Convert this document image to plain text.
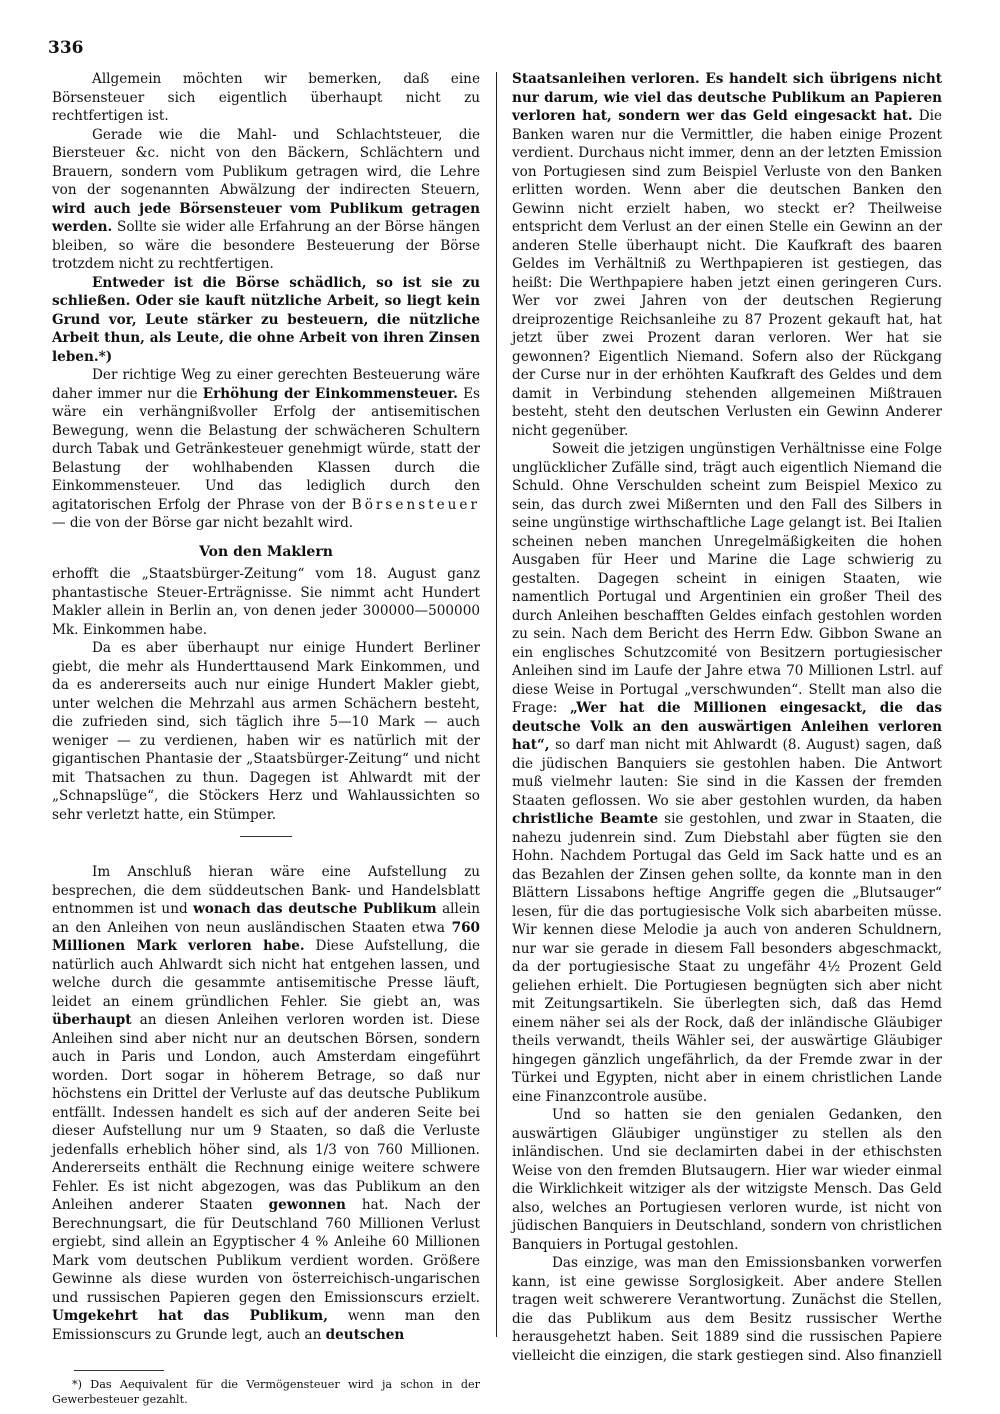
336

Allgemein möchten wir bemerken, daß eine Börsensteuer sich eigentlich überhaupt nicht zu rechtfertigen ist.

Gerade wie die Mahl- und Schlachtsteuer, die Biersteuer &c. nicht von den Bäckern, Schlächtern und Brauern, sondern vom Publikum getragen wird, die Lehre von der sogenannten Abwälzung der indirecten Steuern, wird auch jede Börsensteuer vom Publikum getragen werden. Sollte sie wider alle Erfahrung an der Börse hängen bleiben, so wäre die besondere Besteuerung der Börse trotzdem nicht zu rechtfertigen.

Entweder ist die Börse schädlich, so ist sie zu schließen. Oder sie kauft nützliche Arbeit, so liegt kein Grund vor, Leute stärker zu besteuern, die nützliche Arbeit thun, als Leute, die ohne Arbeit von ihren Zinsen leben.*)

Der richtige Weg zu einer gerechten Besteuerung wäre daher immer nur die Erhöhung der Einkommensteuer. Es wäre ein verhängnißvoller Erfolg der antisemitischen Bewegung, wenn die Belastung der schwächeren Schultern durch Tabak und Getränkesteuer genehmigt würde, statt der Belastung der wohlhabenden Klassen durch die Einkommensteuer. Und das lediglich durch den agitatorischen Erfolg der Phrase von der Börsensteuer — die von der Börse gar nicht bezahlt wird.

Von den Maklern

erhofft die „Staatsbürger-Zeitung“ vom 18. August ganz phantastische Steuer-Erträgnisse. Sie nimmt acht Hundert Makler allein in Berlin an, von denen jeder 300000—500000 Mk. Einkommen habe.

Da es aber überhaupt nur einige Hundert Berliner giebt, die mehr als Hunderttausend Mark Einkommen, und da es andererseits auch nur einige Hundert Makler giebt, unter welchen die Mehrzahl aus armen Schächern besteht, die zufrieden sind, sich täglich ihre 5—10 Mark — auch weniger — zu verdienen, haben wir es natürlich mit der gigantischen Phantasie der „Staatsbürger-Zeitung“ und nicht mit Thatsachen zu thun. Dagegen ist Ahlwardt mit der „Schnapslüge“, die Stöckers Herz und Wahlaussichten so sehr verletzt hatte, ein Stümper.

Im Anschluß hieran wäre eine Aufstellung zu besprechen, die dem süddeutschen Bank- und Handelsblatt entnommen ist und wonach das deutsche Publikum allein an den Anleihen von neun ausländischen Staaten etwa 760 Millionen Mark verloren habe. Diese Aufstellung, die natürlich auch Ahlwardt sich nicht hat entgehen lassen, und welche durch die gesammte antisemitische Presse läuft, leidet an einem gründlichen Fehler. Sie giebt an, was überhaupt an diesen Anleihen verloren worden ist. Diese Anleihen sind aber nicht nur an deutschen Börsen, sondern auch in Paris und London, auch Amsterdam eingeführt worden. Dort sogar in höherem Betrage, so daß nur höchstens ein Drittel der Verluste auf das deutsche Publikum entfällt. Indessen handelt es sich auf der anderen Seite bei dieser Aufstellung nur um 9 Staaten, so daß die Verluste jedenfalls erheblich höher sind, als 1/3 von 760 Millionen. Andererseits enthält die Rechnung einige weitere schwere Fehler. Es ist nicht abgezogen, was das Publikum an den Anleihen anderer Staaten gewonnen hat. Nach der Berechnungsart, die für Deutschland 760 Millionen Verlust ergiebt, sind allein an Egyptischer 4 % Anleihe 60 Millionen Mark vom deutschen Publikum verdient worden. Größere Gewinne als diese wurden von österreichisch-ungarischen und russischen Papieren gegen den Emissionscurs erzielt. Umgekehrt hat das Publikum, wenn man den Emissionscurs zu Grunde legt, auch an deutschen

*) Das Aequivalent für die Vermögensteuer wird ja schon in der Gewerbesteuer gezahlt.

Staatsanleihen verloren. Es handelt sich übrigens nicht nur darum, wie viel das deutsche Publikum an Papieren verloren hat, sondern wer das Geld eingesackt hat. Die Banken waren nur die Vermittler, die haben einige Prozent verdient. Durchaus nicht immer, denn an der letzten Emission von Portugiesen sind zum Beispiel Verluste von den Banken erlitten worden. Wenn aber die deutschen Banken den Gewinn nicht erzielt haben, wo steckt er? Theilweise entspricht dem Verlust an der einen Stelle ein Gewinn an der anderen Stelle überhaupt nicht. Die Kaufkraft des baaren Geldes im Verhältniß zu Werthpapieren ist gestiegen, das heißt: Die Werthpapiere haben jetzt einen geringeren Curs. Wer vor zwei Jahren von der deutschen Regierung dreiprozentige Reichsanleihe zu 87 Prozent gekauft hat, hat jetzt über zwei Prozent daran verloren. Wer hat sie gewonnen? Eigentlich Niemand. Sofern also der Rückgang der Curse nur in der erhöhten Kaufkraft des Geldes und dem damit in Verbindung stehenden allgemeinen Mißtrauen besteht, steht den deutschen Verlusten ein Gewinn Anderer nicht gegenüber.

Soweit die jetzigen ungünstigen Verhältnisse eine Folge unglücklicher Zufälle sind, trägt auch eigentlich Niemand die Schuld. Ohne Verschulden scheint zum Beispiel Mexico zu sein, das durch zwei Mißernten und den Fall des Silbers in seine ungünstige wirthschaftliche Lage gelangt ist. Bei Italien scheinen neben manchen Unregelmäßigkeiten die hohen Ausgaben für Heer und Marine die Lage schwierig zu gestalten. Dagegen scheint in einigen Staaten, wie namentlich Portugal und Argentinien ein großer Theil des durch Anleihen beschafften Geldes einfach gestohlen worden zu sein. Nach dem Bericht des Herrn Edw. Gibbon Swane an ein englisches Schutzcomité von Besitzern portugiesischer Anleihen sind im Laufe der Jahre etwa 70 Millionen Lstrl. auf diese Weise in Portugal „verschwunden“. Stellt man also die Frage: „Wer hat die Millionen eingesackt, die das deutsche Volk an den auswärtigen Anleihen verloren hat“, so darf man nicht mit Ahlwardt (8. August) sagen, daß die jüdischen Banquiers sie gestohlen haben. Die Antwort muß vielmehr lauten: Sie sind in die Kassen der fremden Staaten geflossen. Wo sie aber gestohlen wurden, da haben christliche Beamte sie gestohlen, und zwar in Staaten, die nahezu judenrein sind. Zum Diebstahl aber fügten sie den Hohn. Nachdem Portugal das Geld im Sack hatte und es an das Bezahlen der Zinsen gehen sollte, da konnte man in den Blättern Lissabons heftige Angriffe gegen die „Blutsauger“ lesen, für die das portugiesische Volk sich abarbeiten müsse. Wir kennen diese Melodie ja auch von anderen Schuldnern, nur war sie gerade in diesem Fall besonders abgeschmackt, da der portugiesische Staat zu ungefähr 4½ Prozent Geld geliehen erhielt. Die Portugiesen begnügten sich aber nicht mit Zeitungsartikeln. Sie überlegten sich, daß das Hemd einem näher sei als der Rock, daß der inländische Gläubiger theils verwandt, theils Wähler sei, der auswärtige Gläubiger hingegen gänzlich ungefährlich, da der Fremde zwar in der Türkei und Egypten, nicht aber in einem christlichen Lande eine Finanzcontrole ausübe.

Und so hatten sie den genialen Gedanken, den auswärtigen Gläubiger ungünstiger zu stellen als den inländischen. Und sie declamirten dabei in der ethischsten Weise von den fremden Blutsaugern. Hier war wieder einmal die Wirklichkeit witziger als der witzigste Mensch. Das Geld also, welches an Portugiesen verloren wurde, ist nicht von jüdischen Banquiers in Deutschland, sondern von christlichen Banquiers in Portugal gestohlen.

Das einzige, was man den Emissionsbanken vorwerfen kann, ist eine gewisse Sorglosigkeit. Aber andere Stellen tragen weit schwerere Verantwortung. Zunächst die Stellen, die das Publikum aus dem Besitz russischer Werthe herausgehetzt haben. Seit 1889 sind die russischen Papiere vielleicht die einzigen, die stark gestiegen sind. Also finanziell
